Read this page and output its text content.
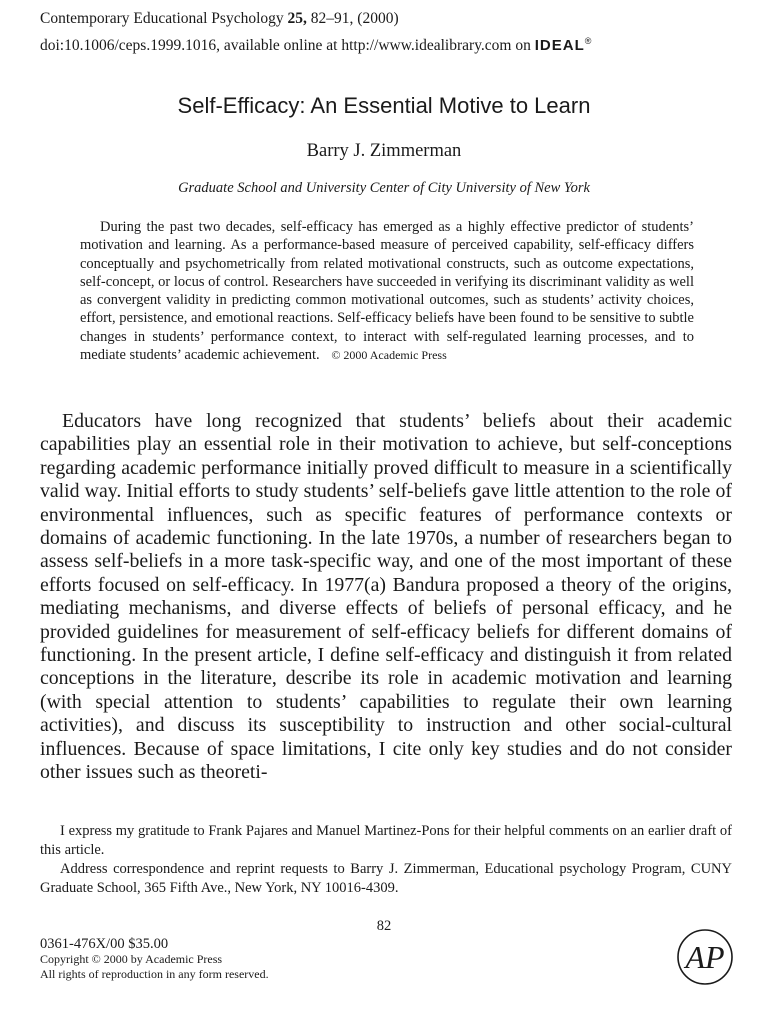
Contemporary Educational Psychology 25, 82–91, (2000)
doi:10.1006/ceps.1999.1016, available online at http://www.idealibrary.com on IDEAL®
Self-Efficacy: An Essential Motive to Learn
Barry J. Zimmerman
Graduate School and University Center of City University of New York
During the past two decades, self-efficacy has emerged as a highly effective predictor of students’ motivation and learning. As a performance-based measure of perceived capability, self-efficacy differs conceptually and psychometrically from related motivational constructs, such as outcome expectations, self-concept, or locus of control. Researchers have succeeded in verifying its discriminant validity as well as convergent validity in predicting common motivational outcomes, such as students’ activity choices, effort, persistence, and emotional reactions. Self-efficacy beliefs have been found to be sensitive to subtle changes in students’ performance context, to interact with self-regulated learning processes, and to mediate students’ academic achievement. © 2000 Academic Press
Educators have long recognized that students’ beliefs about their academic capabilities play an essential role in their motivation to achieve, but self-conceptions regarding academic performance initially proved difficult to measure in a scientifically valid way. Initial efforts to study students’ self-beliefs gave little attention to the role of environmental influences, such as specific features of performance contexts or domains of academic functioning. In the late 1970s, a number of researchers began to assess self-beliefs in a more task-specific way, and one of the most important of these efforts focused on self-efficacy. In 1977(a) Bandura proposed a theory of the origins, mediating mechanisms, and diverse effects of beliefs of personal efficacy, and he provided guidelines for measurement of self-efficacy beliefs for different domains of functioning. In the present article, I define self-efficacy and distinguish it from related conceptions in the literature, describe its role in academic motivation and learning (with special attention to students’ capabilities to regulate their own learning activities), and discuss its susceptibility to instruction and other social-cultural influences. Because of space limitations, I cite only key studies and do not consider other issues such as theoreti-

I express my gratitude to Frank Pajares and Manuel Martinez-Pons for their helpful comments on an earlier draft of this article.

Address correspondence and reprint requests to Barry J. Zimmerman, Educational psychology Program, CUNY Graduate School, 365 Fifth Ave., New York, NY 10016-4309.

82
0361-476X/00 $35.00
Copyright © 2000 by Academic Press
All rights of reproduction in any form reserved.	AP
